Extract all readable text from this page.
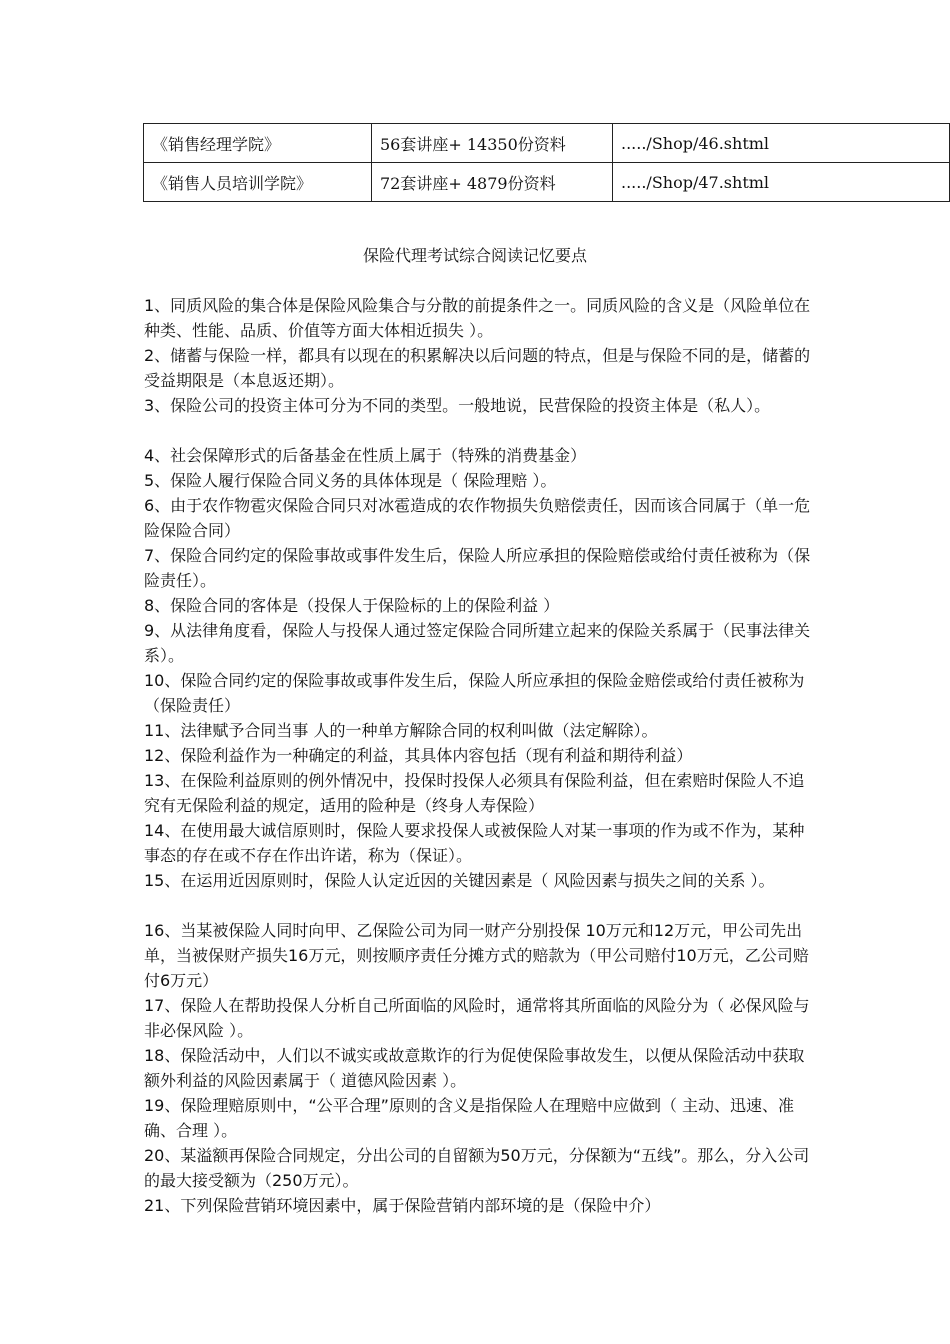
《销售经理学院》	56套讲座+ 14350份资料	...../Shop/46.shtml
《销售人员培训学院》	72套讲座+ 4879份资料	...../Shop/47.shtml
保险代理考试综合阅读记忆要点

1、同质风险的集合体是保险风险集合与分散的前提条件之一。同质风险的含义是（风险单位在种类、性能、品质、价值等方面大体相近损失 ）。

2、储蓄与保险一样，都具有以现在的积累解决以后问题的特点，但是与保险不同的是，储蓄的受益期限是（本息返还期）。

3、保险公司的投资主体可分为不同的类型。一般地说，民营保险的投资主体是（私人）。

4、社会保障形式的后备基金在性质上属于（特殊的消费基金）

5、保险人履行保险合同义务的具体体现是（ 保险理赔 ）。

6、由于农作物雹灾保险合同只对冰雹造成的农作物损失负赔偿责任，因而该合同属于（单一危险保险合同）

7、保险合同约定的保险事故或事件发生后，保险人所应承担的保险赔偿或给付责任被称为（保险责任）。

8、保险合同的客体是（投保人于保险标的上的保险利益 ）

9、从法律角度看，保险人与投保人通过签定保险合同所建立起来的保险关系属于（民事法律关系）。

10、保险合同约定的保险事故或事件发生后，保险人所应承担的保险金赔偿或给付责任被称为（保险责任）

11、法律赋予合同当事 人的一种单方解除合同的权利叫做（法定解除）。

12、保险利益作为一种确定的利益，其具体内容包括（现有利益和期待利益）

13、在保险利益原则的例外情况中，投保时投保人必须具有保险利益，但在索赔时保险人不追究有无保险利益的规定，适用的险种是（终身人寿保险）

14、在使用最大诚信原则时，保险人要求投保人或被保险人对某一事项的作为或不作为，某种事态的存在或不存在作出许诺，称为（保证）。

15、在运用近因原则时，保险人认定近因的关键因素是（ 风险因素与损失之间的关系 ）。

16、当某被保险人同时向甲、乙保险公司为同一财产分别投保 10万元和12万元，甲公司先出单，当被保财产损失16万元，则按顺序责任分摊方式的赔款为（甲公司赔付10万元，乙公司赔付6万元）

17、保险人在帮助投保人分析自己所面临的风险时，通常将其所面临的风险分为（ 必保风险与非必保风险 ）。

18、保险活动中，人们以不诚实或故意欺诈的行为促使保险事故发生，以便从保险活动中获取额外利益的风险因素属于（ 道德风险因素 ）。

19、保险理赔原则中，“公平合理”原则的含义是指保险人在理赔中应做到（ 主动、迅速、准确、合理 ）。

20、某溢额再保险合同规定，分出公司的自留额为50万元，分保额为“五线”。那么，分入公司的最大接受额为（250万元）。

21、下列保险营销环境因素中，属于保险营销内部环境的是（保险中介）
